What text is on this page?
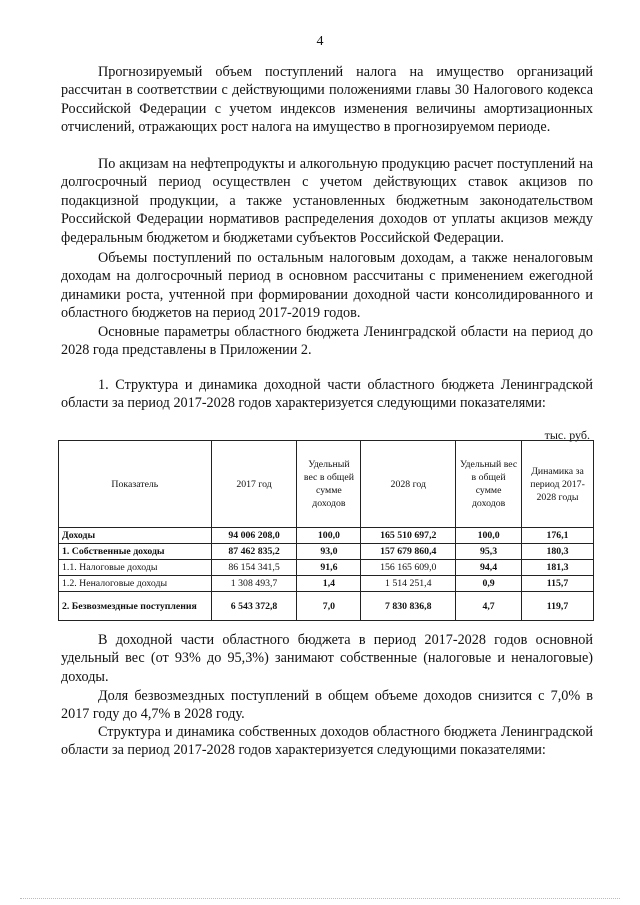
4

Прогнозируемый объем поступлений налога на имущество организаций рассчитан в соответствии с действующими положениями главы 30 Налогового кодекса Российской Федерации с учетом индексов изменения величины амортизационных отчислений, отражающих рост налога на имущество в прогнозируемом периоде.

По акцизам на нефтепродукты и алкогольную продукцию расчет поступлений на долгосрочный период осуществлен с учетом действующих ставок акцизов по подакцизной продукции, а также установленных бюджетным законодательством Российской Федерации нормативов распределения доходов от уплаты акцизов между федеральным бюджетом и бюджетами субъектов Российской Федерации.

Объемы поступлений по остальным налоговым доходам, а также неналоговым доходам на долгосрочный период в основном рассчитаны с применением ежегодной динамики роста, учтенной при формировании доходной части консолидированного и областного бюджетов на период 2017-2019 годов.

Основные параметры областного бюджета Ленинградской области на период до 2028 года представлены в Приложении 2.

1. Структура и динамика доходной части областного бюджета Ленинградской области за период 2017-2028 годов характеризуется следующими показателями:

тыс. руб.
Показатель	2017 год	Удельный вес в общей сумме доходов	2028 год	Удельный вес в общей сумме доходов	Динамика за период 2017-2028 годы
Доходы	94 006 208,0	100,0	165 510 697,2	100,0	176,1
1. Собственные доходы	87 462 835,2	93,0	157 679 860,4	95,3	180,3
1.1. Налоговые доходы	86 154 341,5	91,6	156 165 609,0	94,4	181,3
1.2. Неналоговые доходы	1 308 493,7	1,4	1 514 251,4	0,9	115,7
2. Безвозмездные поступления	6 543 372,8	7,0	7 830 836,8	4,7	119,7

В доходной части областного бюджета в период 2017-2028 годов основной удельный вес (от 93% до 95,3%) занимают собственные (налоговые и неналоговые) доходы.

Доля безвозмездных поступлений в общем объеме доходов снизится с 7,0% в 2017 году до 4,7% в 2028 году.

Структура и динамика собственных доходов областного бюджета Ленинградской области за период 2017-2028 годов характеризуется следующими показателями:
